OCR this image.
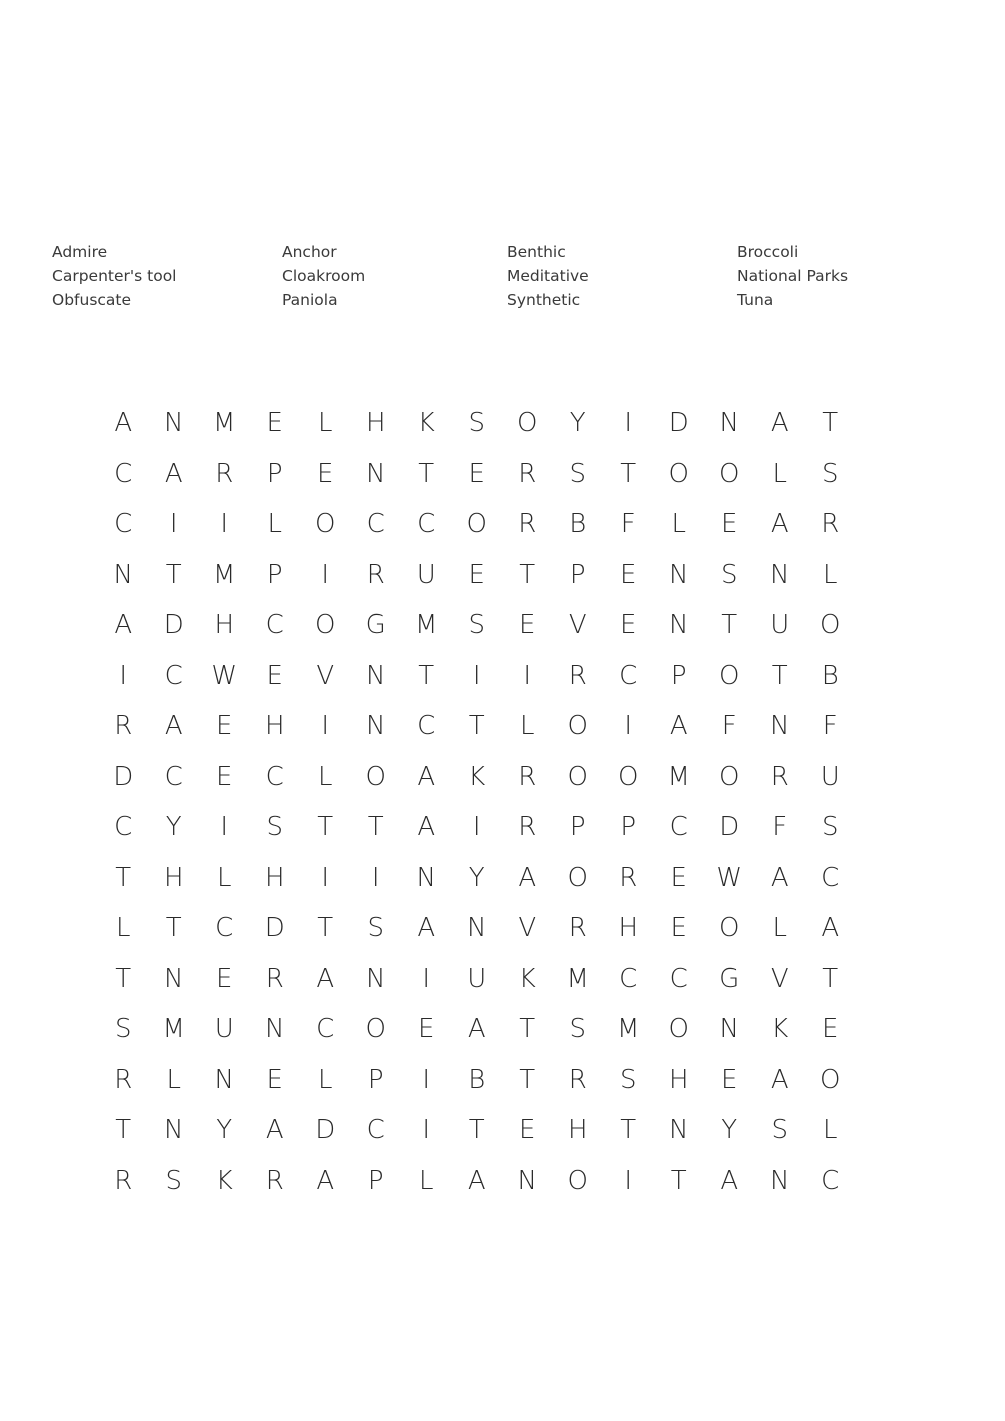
Admire	Anchor	Benthic	Broccoli
Carpenter's tool	Cloakroom	Meditative	National Parks
Obfuscate	Paniola	Synthetic	Tuna
A	N	M	E	L	H	K	S	O	Y	I	D	N	A	T
C	A	R	P	E	N	T	E	R	S	T	O	O	L	S
C	I	I	L	O	C	C	O	R	B	F	L	E	A	R
N	T	M	P	I	R	U	E	T	P	E	N	S	N	L
A	D	H	C	O	G	M	S	E	V	E	N	T	U	O
I	C	W	E	V	N	T	I	I	R	C	P	O	T	B
R	A	E	H	I	N	C	T	L	O	I	A	F	N	F
D	C	E	C	L	O	A	K	R	O	O	M	O	R	U
C	Y	I	S	T	T	A	I	R	P	P	C	D	F	S
T	H	L	H	I	I	N	Y	A	O	R	E	W	A	C
L	T	C	D	T	S	A	N	V	R	H	E	O	L	A
T	N	E	R	A	N	I	U	K	M	C	C	G	V	T
S	M	U	N	C	O	E	A	T	S	M	O	N	K	E
R	L	N	E	L	P	I	B	T	R	S	H	E	A	O
T	N	Y	A	D	C	I	T	E	H	T	N	Y	S	L
R	S	K	R	A	P	L	A	N	O	I	T	A	N	C
